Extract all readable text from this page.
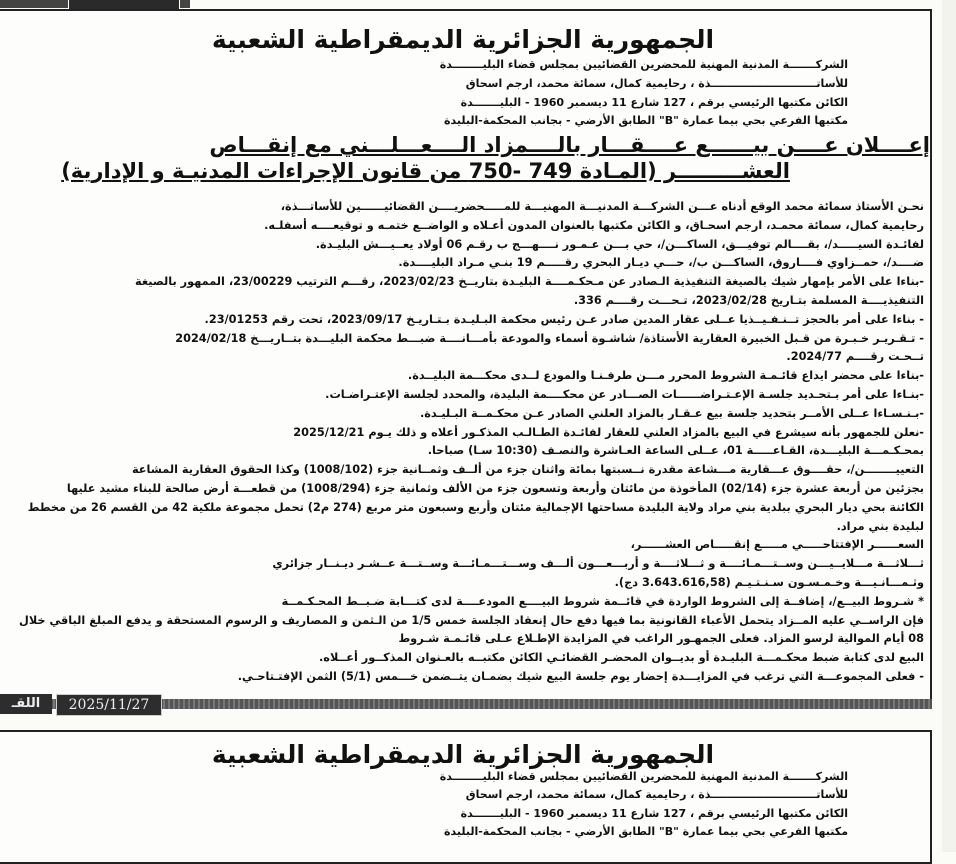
الجمهورية الجزائرية الديمقراطية الشعبية
الشركـــــــة المدنية المهنية للمحضرين القضائيين بمجلس قضاء البليــــــــدة
للأساتــــــــــــــــــــــــــــذة ، رحايمية كمال، سمائة محمد، ارجم اسحاق
الكائن مكتبها الرئيسي برقم ، 127 شارع 11 ديسمبر 1960 - البليـــــــدة
مكتبها الفرعي بحي بيما عمارة "B" الطابق الأرضي - بجانب المحكمة-البليدة
إعــــلان عــــن بيــــــع عــــقـــار بالــــمزاد الــــعـــلـــني مع إنقـــاص
العشـــــــــر (المـادة 749 -750 من قانون الإجراءات المدنيـة و الإدارية)
نحـن الأستاذ سمائة محمد الوقع أدناه عـــن الشركـــة المدنيـــة المهنيـــة للمـــــحضريــــن القضائيــــــين للأساتـــذة،
رحايمية كمال، سمائة محمـد، ارجم اسحـاق، و الكائن مكتبها بالعنوان المدون أعـلاه و الواضــع ختمـه و توقيعــــه أسفلـه.
لفائـدة السيـــــد/، بقــــالم توفيـــق، الساكـــن/، حي بـــن عـمـور نــــهـــج ب رقـم 06 أولاد يعــيـــش البليـدة.
ضــــد/، حمــزاوي فــــاروق، الساكـــن ب/، حـــي ديـار البحري رقـــــم 19 بنـي مـراد البليــــدة.
-بناءا على الأمر بإمهار شيك بالصيغة التنفيذية الـصادر عن مـحكـمــــة البليـدة بتاريــخ 2023/02/23، رقـــم الترتيب 23/00229، الممهور بالصيغة
التنفيذيــــة المسلمة بتـاريخ 2023/02/28، تـحـــت رقــــم 336.
- بناءا على أمر بالحجز تــنـفـيــذيا عــلى عقار المدين صادر عـن رئيس محكمة البـليـدة بـتـاريـخ 2023/09/17، تحت رقم 23/01253.
- تـقـريـر خـبـرة من قـبل الخبيرة العقارية الأستاذة/ شاشـوة أسماء والمودعة بأمـــانــــة ضبـــط محكمة البليـــدة بتــاريـــخ 2024/02/18
تــحـت رقــــم 2024/77.
-بناءا على محضر ايداع قائـمـة الشروط المحرر مـــن طرفـنـا والمودع لــدى محكـــمة البليــدة.
-بنـاءا على أمر بـتحـديد جلسـة الإعـتـراضــــــات الصـــادر عن محكــــمة البليدة، والمحدد لجلسة الإعتـراضـات.
-بـنـسـاءا عــلى الأمــر بتحديد جلسة بيع عـقـار بالمزاد العلني الصادر عـن محكـمــة البـليـدة.
-نعلن للجمهور بأنه سيشرع في البيع بالمزاد العلني للعقار لفائـدة الطـالـب المذكـور أعلاه و ذلك يـوم 2025/12/21
بمحـكـمـــة البليـــدة، القـاعـــــة 01، عــلى الساعة العـاشرة والنصـف (10:30 سـا) صباحا.
التعييــــــــن/، حقــــوق عـــقارية مـــشاعة مقدرة نــسبتها بمائة واثنان جزء من ألــف وثمــانية جزء (1008/102) وكذا الحقوق العقارية المشاعة
بجزئين من أربعة عشرة جزء (02/14) المأخوذة من مائتان وأربعة وتسعون جزء من الألف وثمانية جزء (1008/294) من قطعـــة أرض صالحة للبناء مشيد عليها
الكائنة بحي ديار البحري ببلدية بني مراد ولاية البليدة مساحتها الإجمالية مئتان وأربع وسبعون متر مربع (274 م2) تحمل مجموعة ملكية 42 من القسم 26 من مخطط
لبليدة بني مراد.
السعــــــر الإفتتاحـــــي مـــــع إنقـــــاص العشــــــر،
ثـــلاثـــة مـــلايــيـــن وســتـــمـائــــة و ثـــلاثــــة و أربـــعـــون ألـــف وســـتـــمـائـــة وســتـــة عــشـر ديـنــار جزائري
وثـمـــانـيـــة وخـمـسـون سـنـتـيـم (3.643.616,58 دج).
* شـروط البيــع/، إضافــة إلى الشروط الواردة في قائــمة شروط البيــــع المودعــــة لدى كتـــابة ضـبــط المحـكـمــة
فإن الراســي عليه المــزاد يتحمل الأعباء القانونية بما فيها دفع حال إنعقاد الجلسة خمس 1/5 من الـثمن و المصاريف و الرسوم المستحقة و يدفع المبلغ الباقي خلال
08 أيام الموالية لرسو المزاد. فعلى الجمهـور الراغب في المزايدة الإطـلاع عـلى قائـمـة شـروط
البيع لدى كتابة ضبط محكـمـــة البليـدة أو بديــوان المحضـر القضائـي الكائن مكتبــه بالعـنوان المذكــور أعــلاه.
- فعلى المجموعـــة التي ترغب في المزايـــدة إحضار يوم جلسة البيع شيك بضمـان يتــضمن خـــمس (5/1) الثمن الإفتـتاحـي.
اللقـ	2025/11/27
الجمهورية الجزائرية الديمقراطية الشعبية
الشركـــــــة المدنية المهنية للمحضرين القضائيين بمجلس قضاء البليــــــــدة
للأساتــــــــــــــــــــــــــــذة ، رحايمية كمال، سمائة محمد، ارجم اسحاق
الكائن مكتبها الرئيسي برقم ، 127 شارع 11 ديسمبر 1960 - البليـــــــدة
مكتبها الفرعي بحي بيما عمارة "B" الطابق الأرضي - بجانب المحكمة-البليدة
